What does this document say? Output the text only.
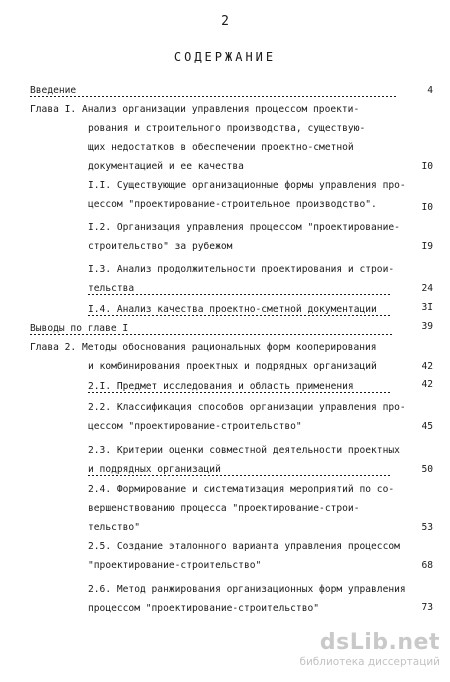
2
СОДЕРЖАНИЕ
Введение	4
Глава I. Анализ организации управления процессом проекти-
рования и строительного производства, существую-
щих недостатков в обеспечении проектно-сметной
документацией и ее качества	I0
I.I. Существующие организационные формы управления про-
цессом "проектирование-строительное производство".	I0
I.2. Организация управления процессом "проектирование-
строительство" за рубежом	I9
I.3. Анализ продолжительности проектирования и строи-
тельства	24
I.4. Анализ качества проектно-сметной документации	3I
Выводы по главе I	39
Глава 2. Методы обоснования рациональных форм кооперирования
и комбинирования проектных и подрядных организаций	42
2.I. Предмет исследования и область применения	42
2.2. Классификация способов организации управления про-
цессом "проектирование-строительство"	45
2.3. Критерии оценки совместной деятельности проектных
и подрядных организаций	50
2.4. Формирование и систематизация мероприятий по со-
вершенствованию процесса "проектирование-строи-
тельство"	53
2.5. Создание эталонного варианта управления процессом
"проектирование-строительство"	68
2.6. Метод ранжирования организационных форм управления
процессом "проектирование-строительство"	73
dsLib.net
библиотека диссертаций
